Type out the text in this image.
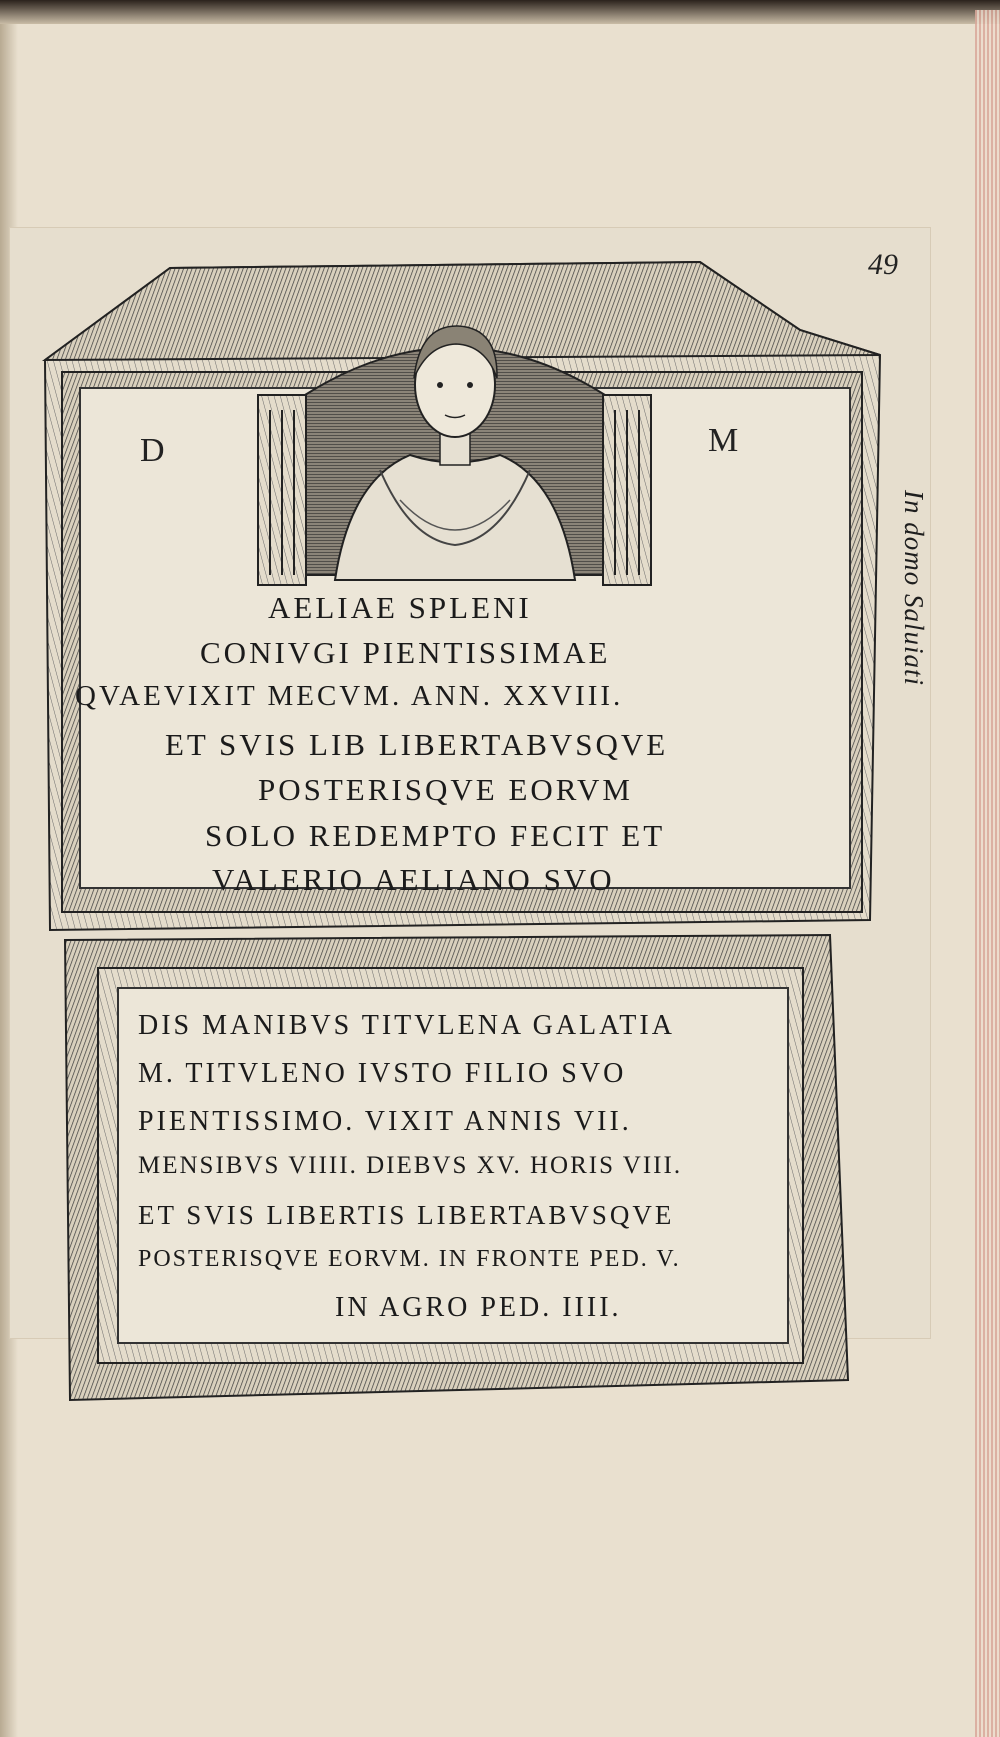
49
In domo Saluiati
D	M
AELIAE SPLENI
CONIVGI PIENTISSIMAE
QVAEVIXIT MECVM. ANN. XXVIII.
ET SVIS LIB LIBERTABVSQVE
POSTERISQVE EORVM
SOLO REDEMPTO FECIT ET
VALERIO AELIANO SVO
DIS MANIBVS TITVLENA GALATIA
M. TITVLENO IVSTO FILIO SVO
PIENTISSIMO. VIXIT ANNIS VII.
MENSIBVS VIIII. DIEBVS XV. HORIS VIII.
ET SVIS LIBERTIS LIBERTABVSQVE
POSTERISQVE EORVM. IN FRONTE PED. V.
IN AGRO PED. IIII.
